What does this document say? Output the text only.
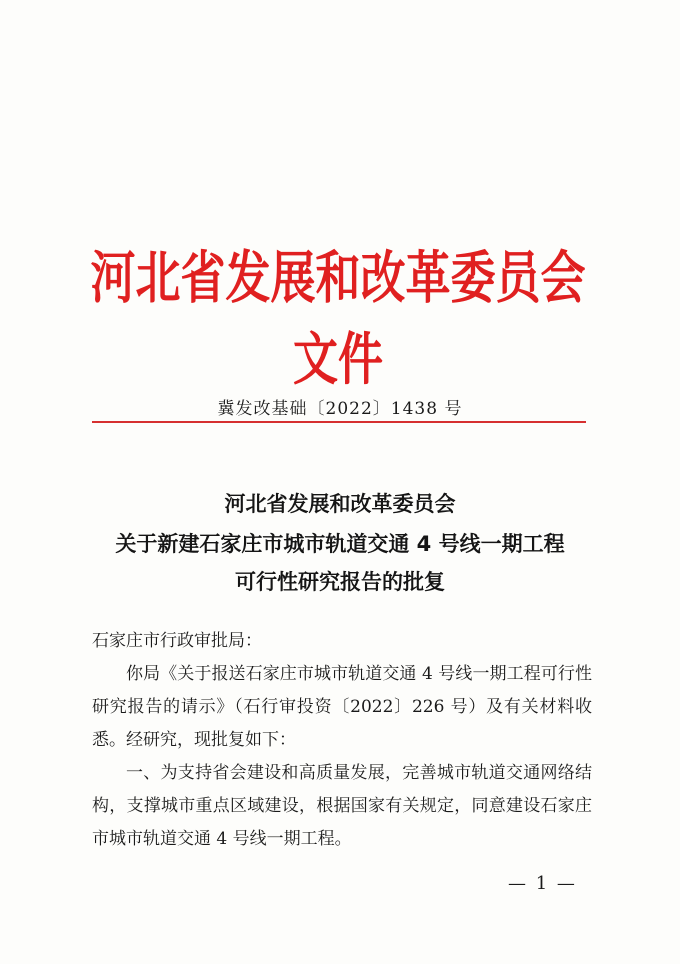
河北省发展和改革委员会文件
冀发改基础〔2022〕1438 号
河北省发展和改革委员会
关于新建石家庄市城市轨道交通 4 号线一期工程
可行性研究报告的批复
石家庄市行政审批局：
你局《关于报送石家庄市城市轨道交通 4 号线一期工程可行性研究报告的请示》（石行审投资〔2022〕226 号）及有关材料收悉。经研究，现批复如下：
一、为支持省会建设和高质量发展，完善城市轨道交通网络结构，支撑城市重点区域建设，根据国家有关规定，同意建设石家庄市城市轨道交通 4 号线一期工程。
— 1 —
